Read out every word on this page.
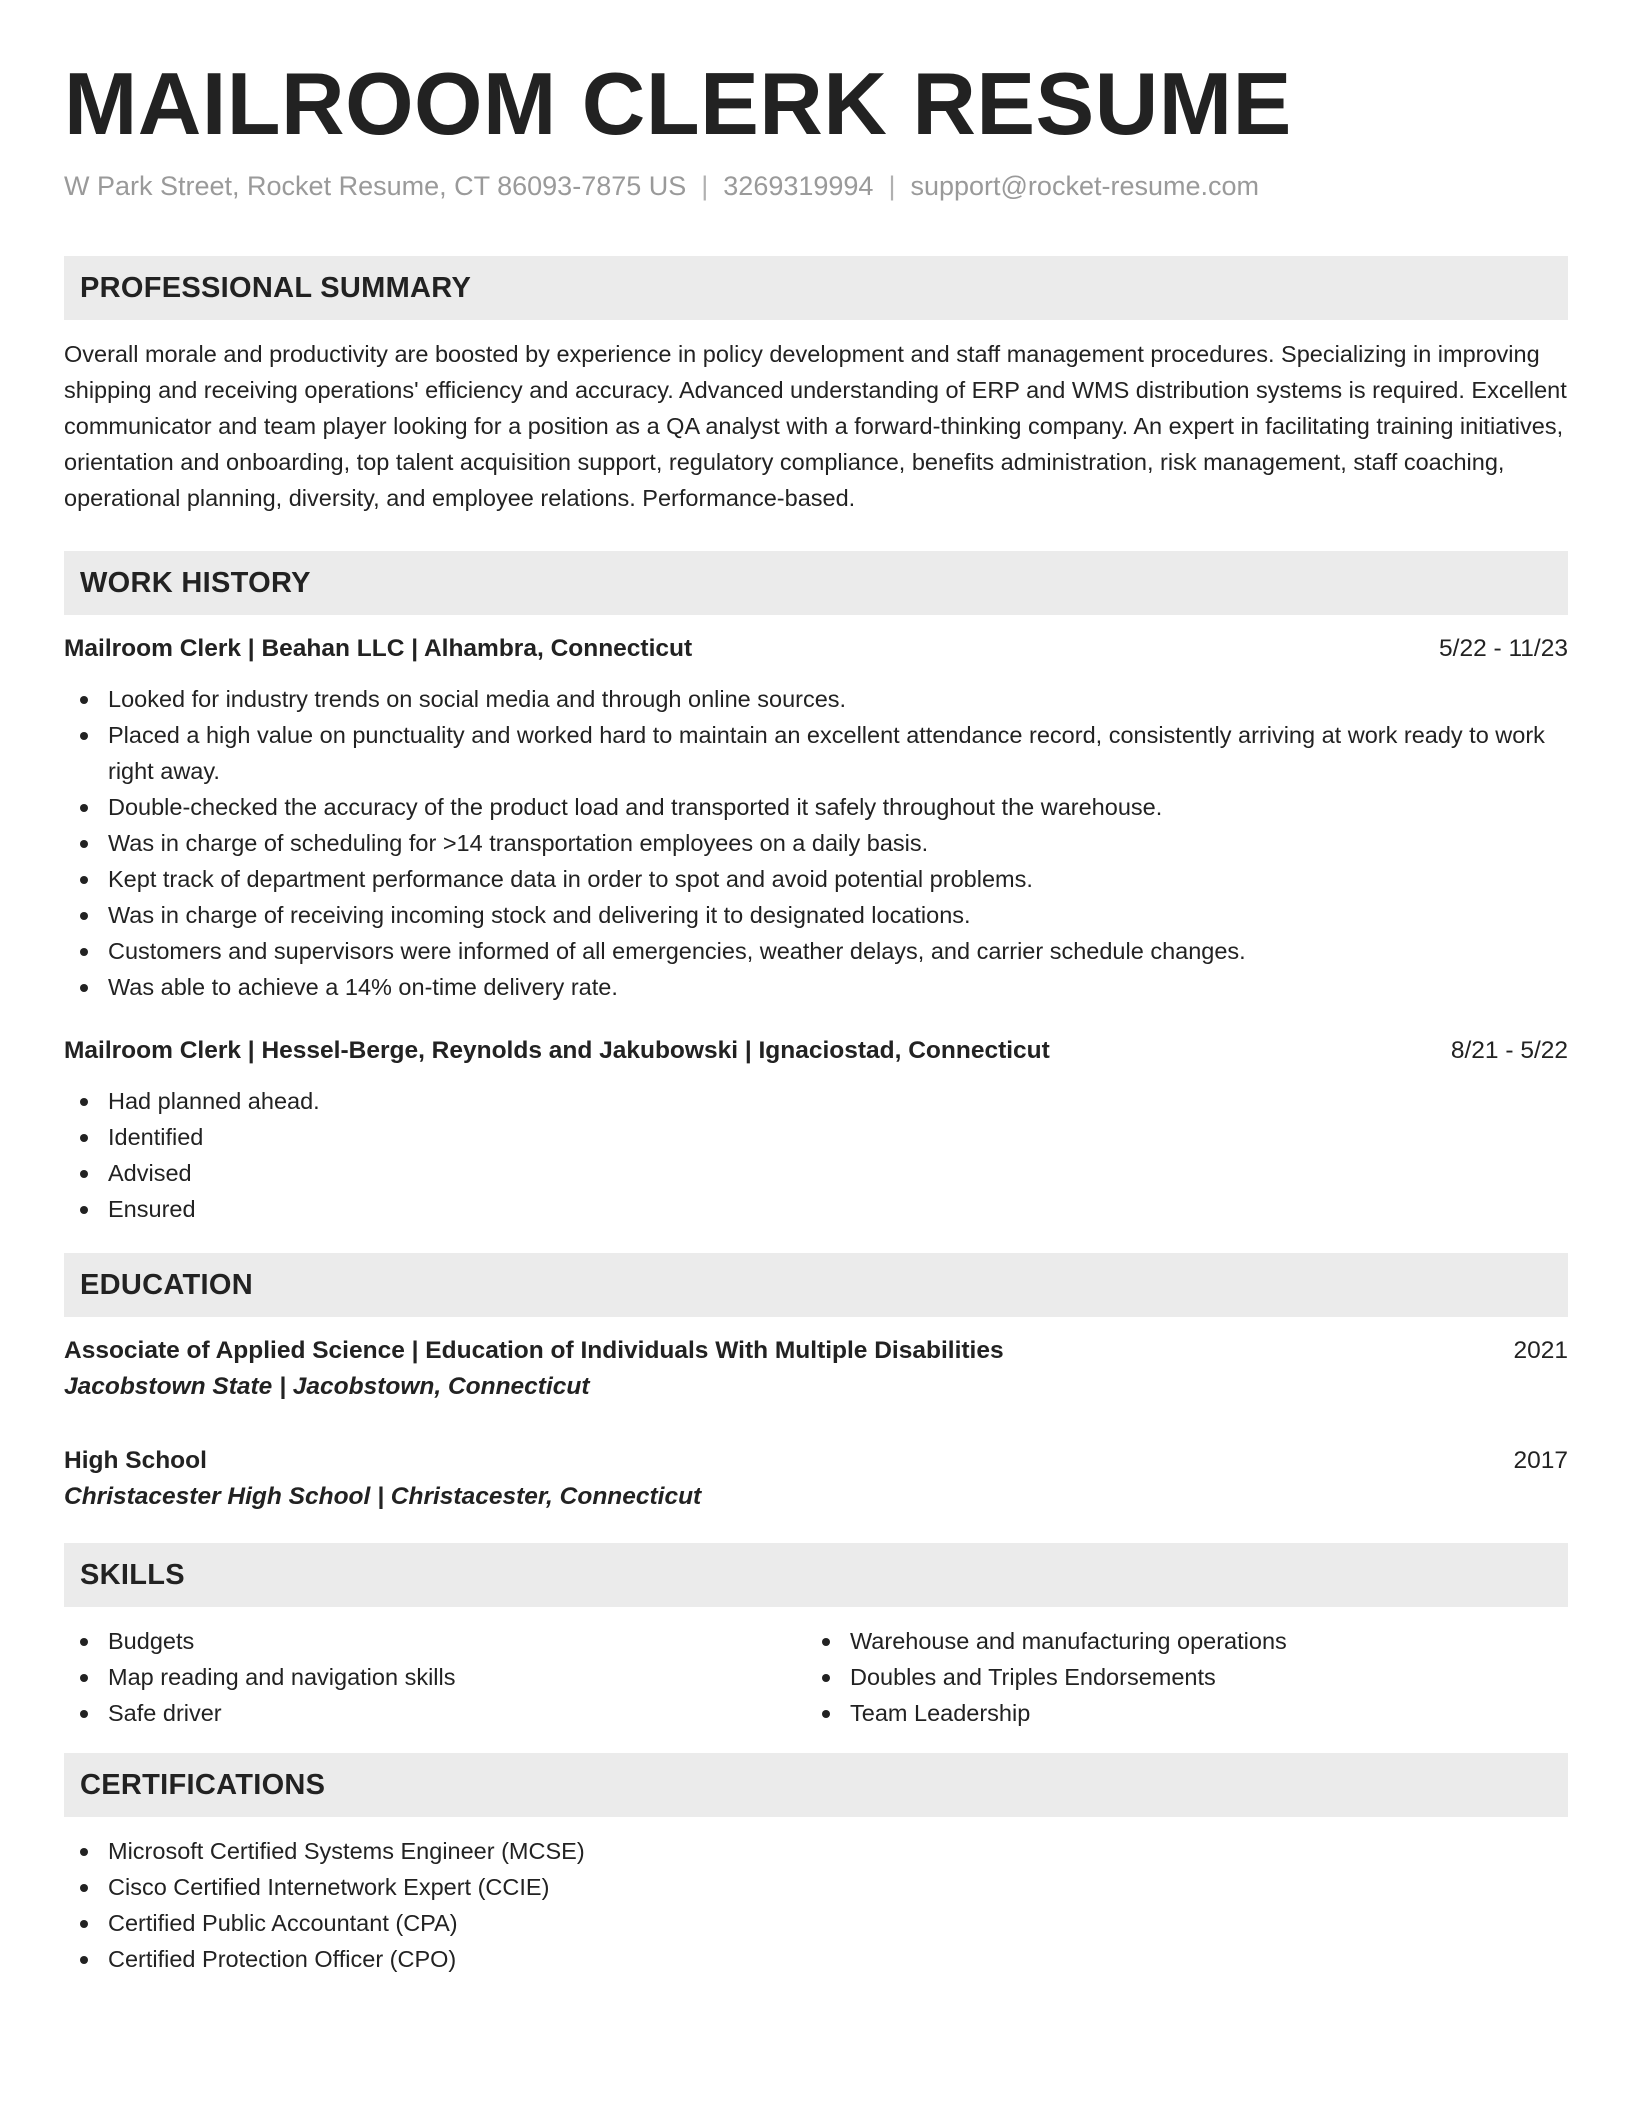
MAILROOM CLERK RESUME
W Park Street, Rocket Resume, CT 86093-7875 US | 3269319994 | support@rocket-resume.com
PROFESSIONAL SUMMARY

Overall morale and productivity are boosted by experience in policy development and staff management procedures. Specializing in improving shipping and receiving operations' efficiency and accuracy. Advanced understanding of ERP and WMS distribution systems is required. Excellent communicator and team player looking for a position as a QA analyst with a forward-thinking company. An expert in facilitating training initiatives, orientation and onboarding, top talent acquisition support, regulatory compliance, benefits administration, risk management, staff coaching, operational planning, diversity, and employee relations. Performance-based.

WORK HISTORY
Mailroom Clerk | Beahan LLC | Alhambra, Connecticut	5/22 - 11/23
Looked for industry trends on social media and through online sources.
Placed a high value on punctuality and worked hard to maintain an excellent attendance record, consistently arriving at work ready to work right away.
Double-checked the accuracy of the product load and transported it safely throughout the warehouse.
Was in charge of scheduling for >14 transportation employees on a daily basis.
Kept track of department performance data in order to spot and avoid potential problems.
Was in charge of receiving incoming stock and delivering it to designated locations.
Customers and supervisors were informed of all emergencies, weather delays, and carrier schedule changes.
Was able to achieve a 14% on-time delivery rate.
Mailroom Clerk | Hessel-Berge, Reynolds and Jakubowski | Ignaciostad, Connecticut	8/21 - 5/22
Had planned ahead.
Identified
Advised
Ensured
EDUCATION
Associate of Applied Science | Education of Individuals With Multiple Disabilities	2021
Jacobstown State | Jacobstown, Connecticut
High School	2017
Christacester High School | Christacester, Connecticut
SKILLS
Budgets
Map reading and navigation skills
Safe driver
Warehouse and manufacturing operations
Doubles and Triples Endorsements
Team Leadership
CERTIFICATIONS
Microsoft Certified Systems Engineer (MCSE)
Cisco Certified Internetwork Expert (CCIE)
Certified Public Accountant (CPA)
Certified Protection Officer (CPO)
